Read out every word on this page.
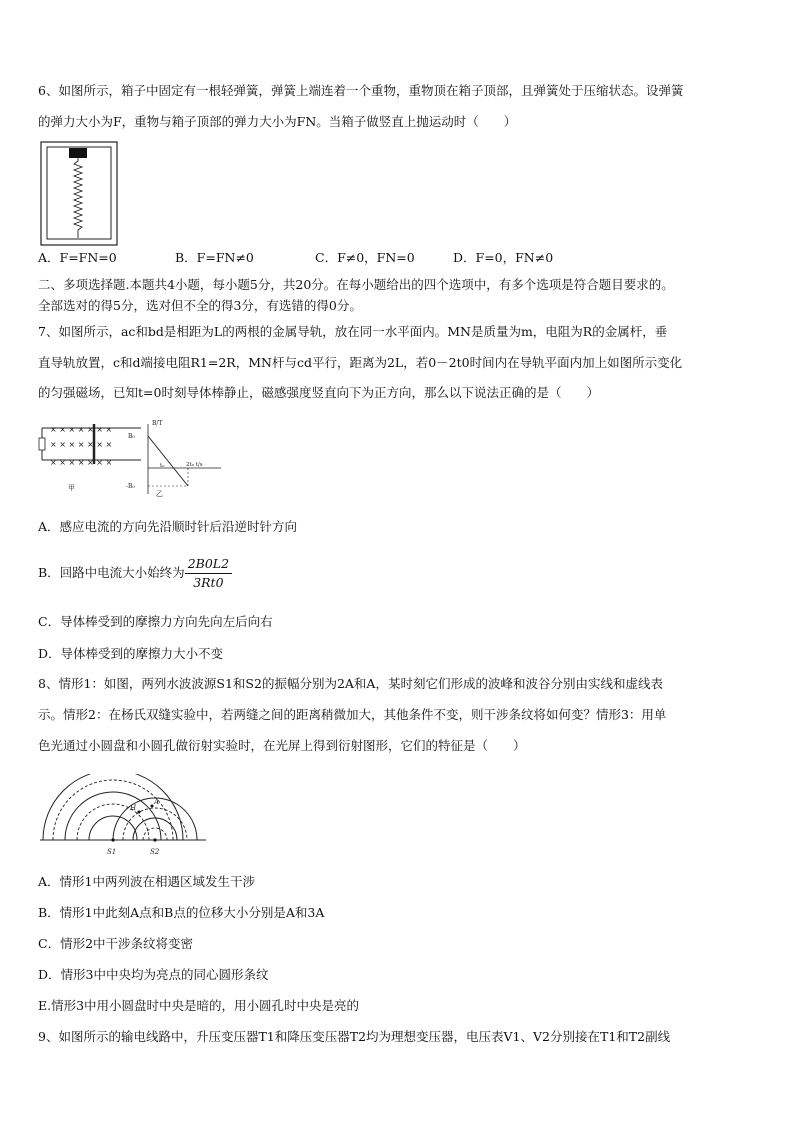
6、如图所示，箱子中固定有一根轻弹簧，弹簧上端连着一个重物，重物顶在箱子顶部，且弹簧处于压缩状态。设弹簧
的弹力大小为F，重物与箱子顶部的弹力大小为FN。当箱子做竖直上抛运动时（　　）
A．F=FN=0	B．F=FN≠0	C．F≠0，FN=0	D．F=0，FN≠0
二、多项选择题.本题共4小题，每小题5分，共20分。在每小题给出的四个选项中，有多个选项是符合题目要求的。
全部选对的得5分，选对但不全的得3分，有选错的得0分。
7、如图所示，ac和bd是相距为L的两根的金属导轨，放在同一水平面内。MN是质量为m，电阻为R的金属杆，垂
直导轨放置，c和d端接电阻R1=2R，MN杆与cd平行，距离为2L，若0－2t0时间内在导轨平面内加上如图所示变化
的匀强磁场，已知t=0时刻导体棒静止，磁感强度竖直向下为正方向，那么以下说法正确的是（　　）
× × × × × × ×
× × × × × × ×
× × × × × × ×
甲
B/T
B₀
-B₀
t₀	2t₀ t/s
乙
A．感应电流的方向先沿顺时针后沿逆时针方向
B．回路中电流大小始终为 $\frac{2B0L2}{3Rt0}$
C．导体棒受到的摩擦力方向先向左后向右
D．导体棒受到的摩擦力大小不变
8、情形1：如图，两列水波波源S1和S2的振幅分别为2A和A，某时刻它们形成的波峰和波谷分别由实线和虚线表
示。情形2：在杨氏双缝实验中，若两缝之间的距离稍微加大，其他条件不变，则干涉条纹将如何变？情形3：用单
色光通过小圆盘和小圆孔做衍射实验时，在光屏上得到衍射图形，它们的特征是（　　）
H
A
S1	S2
A．情形1中两列波在相遇区域发生干涉
B．情形1中此刻A点和B点的位移大小分别是A和3A
C．情形2中干涉条纹将变密
D．情形3中中央均为亮点的同心圆形条纹
E.情形3中用小圆盘时中央是暗的，用小圆孔时中央是亮的
9、如图所示的输电线路中，升压变压器T1和降压变压器T2均为理想变压器，电压表V1、V2分别接在T1和T2副线
